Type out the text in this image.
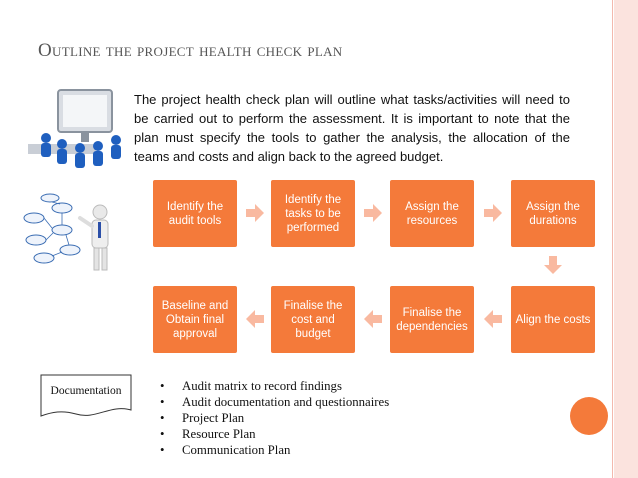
Outline the project health check plan
The project health check plan will outline what tasks/activities will need to be carried out to perform the assessment. It is important to note that the plan must specify the tools to gather the analysis, the allocation of the teams and costs and align back to the agreed budget.
Identify the audit tools
Identify the tasks to be performed
Assign the resources
Assign the durations
Baseline and Obtain final approval
Finalise the cost and budget
Finalise the dependencies
Align the costs
Documentation	•	Audit matrix to record findings
•	Audit documentation and questionnaires
•	Project Plan
•	Resource Plan
•	Communication Plan
